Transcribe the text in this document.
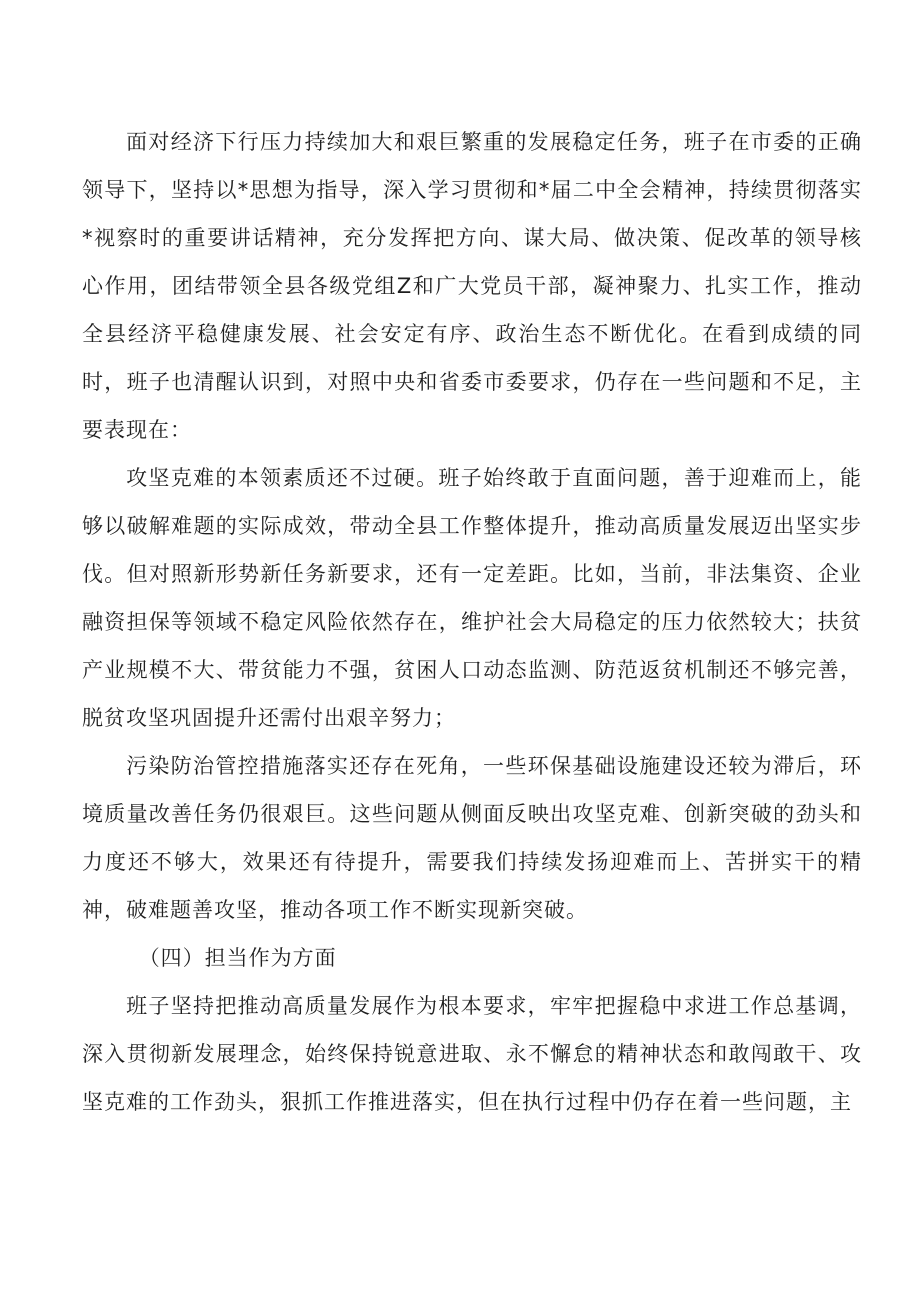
面对经济下行压力持续加大和艰巨繁重的发展稳定任务，班子在市委的正确领导下，坚持以*思想为指导，深入学习贯彻和*届二中全会精神，持续贯彻落实*视察时的重要讲话精神，充分发挥把方向、谋大局、做决策、促改革的领导核心作用，团结带领全县各级党组Z和广大党员干部，凝神聚力、扎实工作，推动全县经济平稳健康发展、社会安定有序、政治生态不断优化。在看到成绩的同时，班子也清醒认识到，对照中央和省委市委要求，仍存在一些问题和不足，主要表现在：

攻坚克难的本领素质还不过硬。班子始终敢于直面问题，善于迎难而上，能够以破解难题的实际成效，带动全县工作整体提升，推动高质量发展迈出坚实步伐。但对照新形势新任务新要求，还有一定差距。比如，当前，非法集资、企业融资担保等领域不稳定风险依然存在，维护社会大局稳定的压力依然较大；扶贫产业规模不大、带贫能力不强，贫困人口动态监测、防范返贫机制还不够完善，脱贫攻坚巩固提升还需付出艰辛努力；

污染防治管控措施落实还存在死角，一些环保基础设施建设还较为滞后，环境质量改善任务仍很艰巨。这些问题从侧面反映出攻坚克难、创新突破的劲头和力度还不够大，效果还有待提升，需要我们持续发扬迎难而上、苦拼实干的精神，破难题善攻坚，推动各项工作不断实现新突破。

（四）担当作为方面

班子坚持把推动高质量发展作为根本要求，牢牢把握稳中求进工作总基调，深入贯彻新发展理念，始终保持锐意进取、永不懈怠的精神状态和敢闯敢干、攻坚克难的工作劲头，狠抓工作推进落实，但在执行过程中仍存在着一些问题，主
